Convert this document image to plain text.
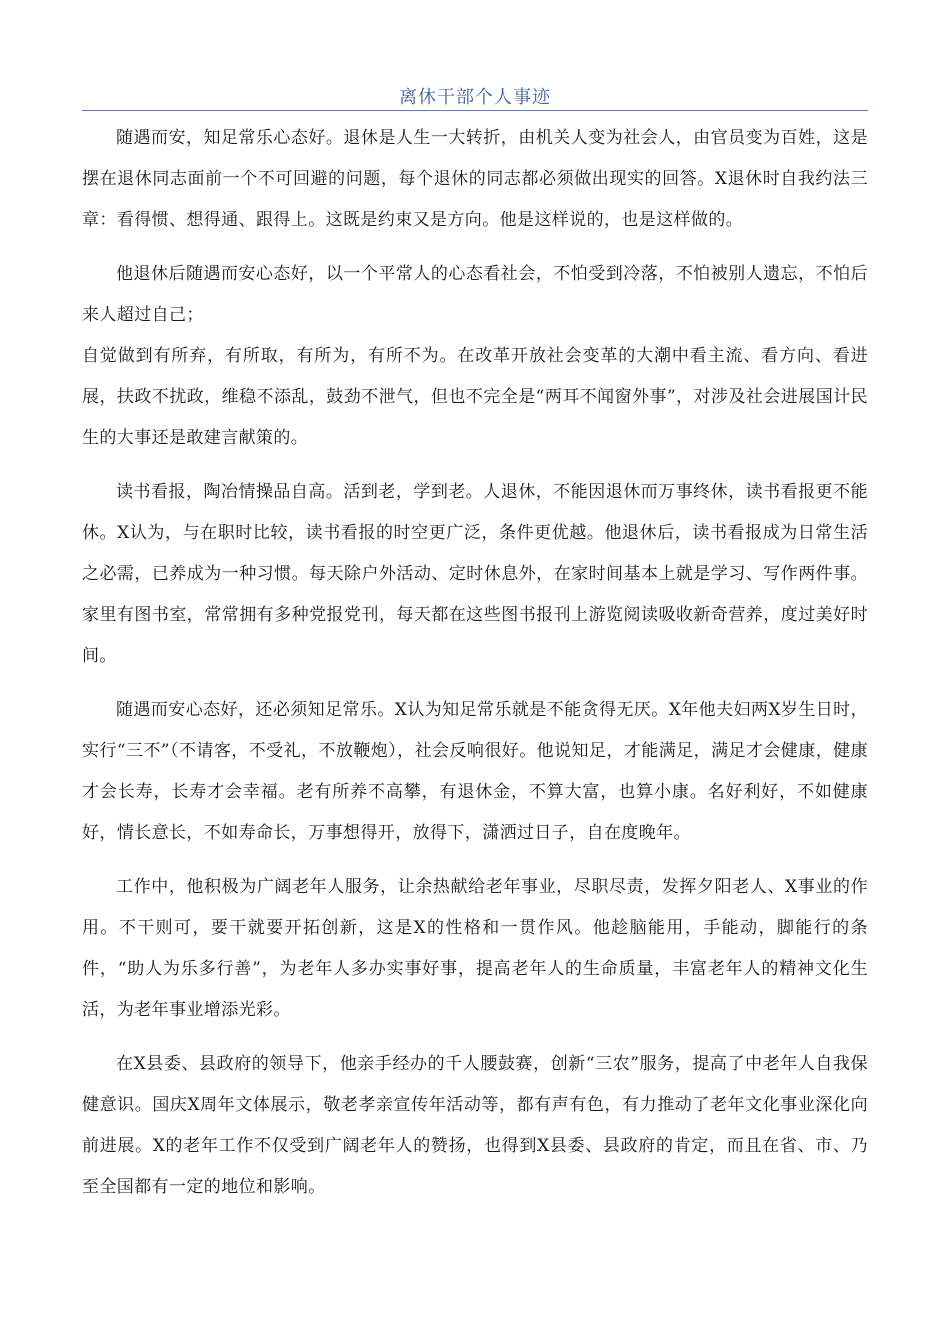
离休干部个人事迹

随遇而安，知足常乐心态好。退休是人生一大转折，由机关人变为社会人，由官员变为百姓，这是摆在退休同志面前一个不可回避的问题，每个退休的同志都必须做出现实的回答。X退休时自我约法三章：看得惯、想得通、跟得上。这既是约束又是方向。他是这样说的，也是这样做的。

他退休后随遇而安心态好，以一个平常人的心态看社会，不怕受到冷落，不怕被别人遗忘，不怕后来人超过自己；

自觉做到有所弃，有所取，有所为，有所不为。在改革开放社会变革的大潮中看主流、看方向、看进展，扶政不扰政，维稳不添乱，鼓劲不泄气，但也不完全是“两耳不闻窗外事”，对涉及社会进展国计民生的大事还是敢建言献策的。

读书看报，陶冶情操品自高。活到老，学到老。人退休，不能因退休而万事终休，读书看报更不能休。X认为，与在职时比较，读书看报的时空更广泛，条件更优越。他退休后，读书看报成为日常生活之必需，已养成为一种习惯。每天除户外活动、定时休息外，在家时间基本上就是学习、写作两件事。家里有图书室，常常拥有多种党报党刊，每天都在这些图书报刊上游览阅读吸收新奇营养，度过美好时间。

随遇而安心态好，还必须知足常乐。X认为知足常乐就是不能贪得无厌。X年他夫妇两X岁生日时，实行“三不”（不请客，不受礼，不放鞭炮），社会反响很好。他说知足，才能满足，满足才会健康，健康才会长寿，长寿才会幸福。老有所养不高攀，有退休金，不算大富，也算小康。名好利好，不如健康好，情长意长，不如寿命长，万事想得开，放得下，潇洒过日子，自在度晚年。

工作中，他积极为广阔老年人服务，让余热献给老年事业，尽职尽责，发挥夕阳老人、X事业的作用。不干则可，要干就要开拓创新，这是X的性格和一贯作风。他趁脑能用，手能动，脚能行的条件，“助人为乐多行善”，为老年人多办实事好事，提高老年人的生命质量，丰富老年人的精神文化生活，为老年事业增添光彩。

在X县委、县政府的领导下，他亲手经办的千人腰鼓赛，创新“三农”服务，提高了中老年人自我保健意识。国庆X周年文体展示，敬老孝亲宣传年活动等，都有声有色，有力推动了老年文化事业深化向前进展。X的老年工作不仅受到广阔老年人的赞扬，也得到X县委、县政府的肯定，而且在省、市、乃至全国都有一定的地位和影响。
